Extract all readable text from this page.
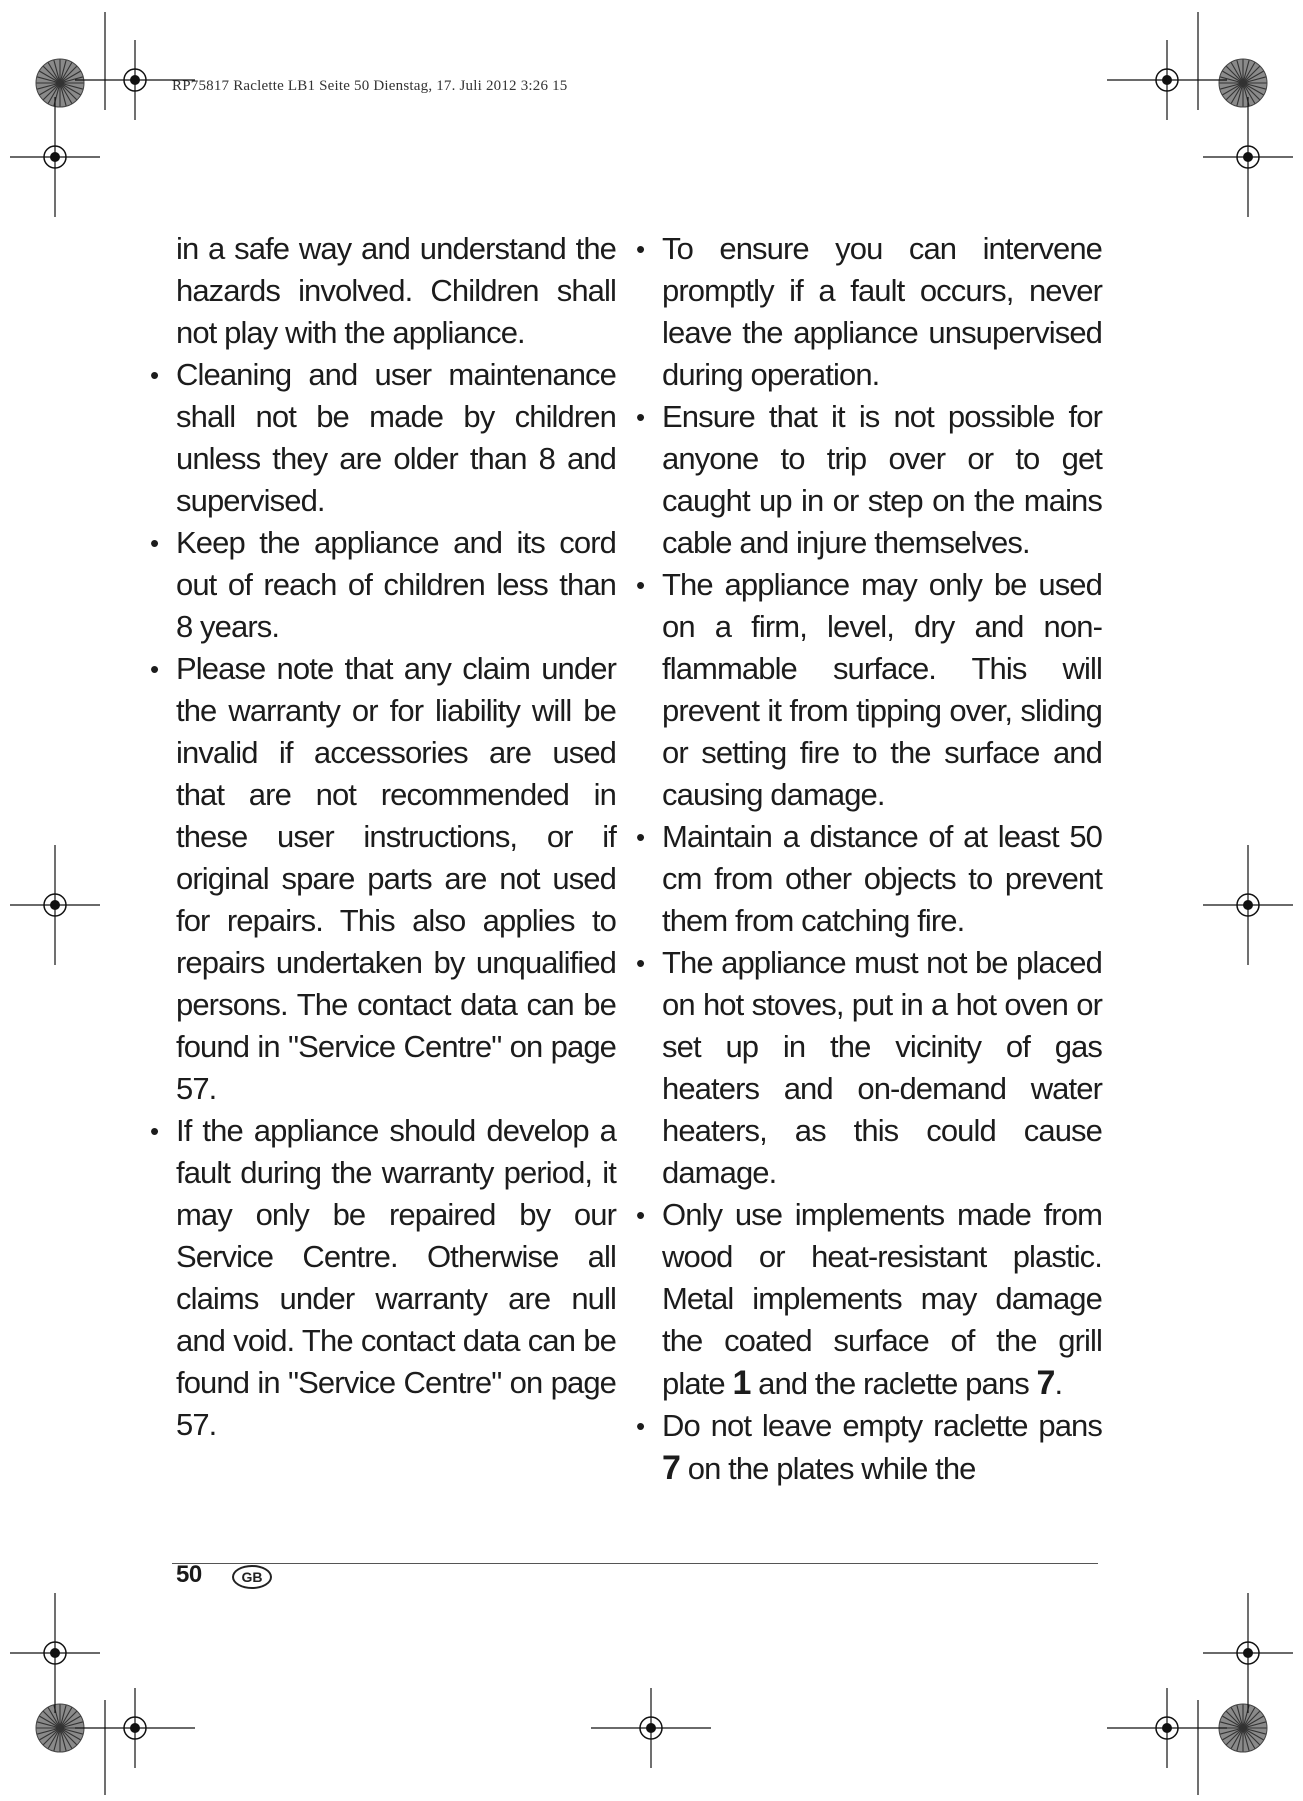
RP75817 Raclette LB1 Seite 50 Dienstag, 17. Juli 2012 3:26 15

in a safe way and understand the hazards involved. Children shall not play with the appliance.

• Cleaning and user maintenance shall not be made by children unless they are older than 8 and supervised.
• Keep the appliance and its cord out of reach of children less than 8 years.
• Please note that any claim under the warranty or for liability will be invalid if accessories are used that are not recommended in these user instructions, or if original spare parts are not used for repairs. This also applies to repairs undertaken by unqualified persons. The contact data can be found in "Service Centre" on page 57.
• If the appliance should develop a fault during the warranty period, it may only be repaired by our Service Centre. Otherwise all claims under warranty are null and void. The contact data can be found in "Service Centre" on page 57.
• To ensure you can intervene promptly if a fault occurs, never leave the appliance unsupervised during operation.
• Ensure that it is not possible for anyone to trip over or to get caught up in or step on the mains cable and injure themselves.
• The appliance may only be used on a firm, level, dry and non-flammable surface. This will prevent it from tipping over, sliding or setting fire to the surface and causing damage.
• Maintain a distance of at least 50 cm from other objects to prevent them from catching fire.
• The appliance must not be placed on hot stoves, put in a hot oven or set up in the vicinity of gas heaters and on-demand water heaters, as this could cause damage.
• Only use implements made from wood or heat-resistant plastic. Metal implements may damage the coated surface of the grill plate 1 and the raclette pans 7.
• Do not leave empty raclette pans 7 on the plates while the
50	GB
